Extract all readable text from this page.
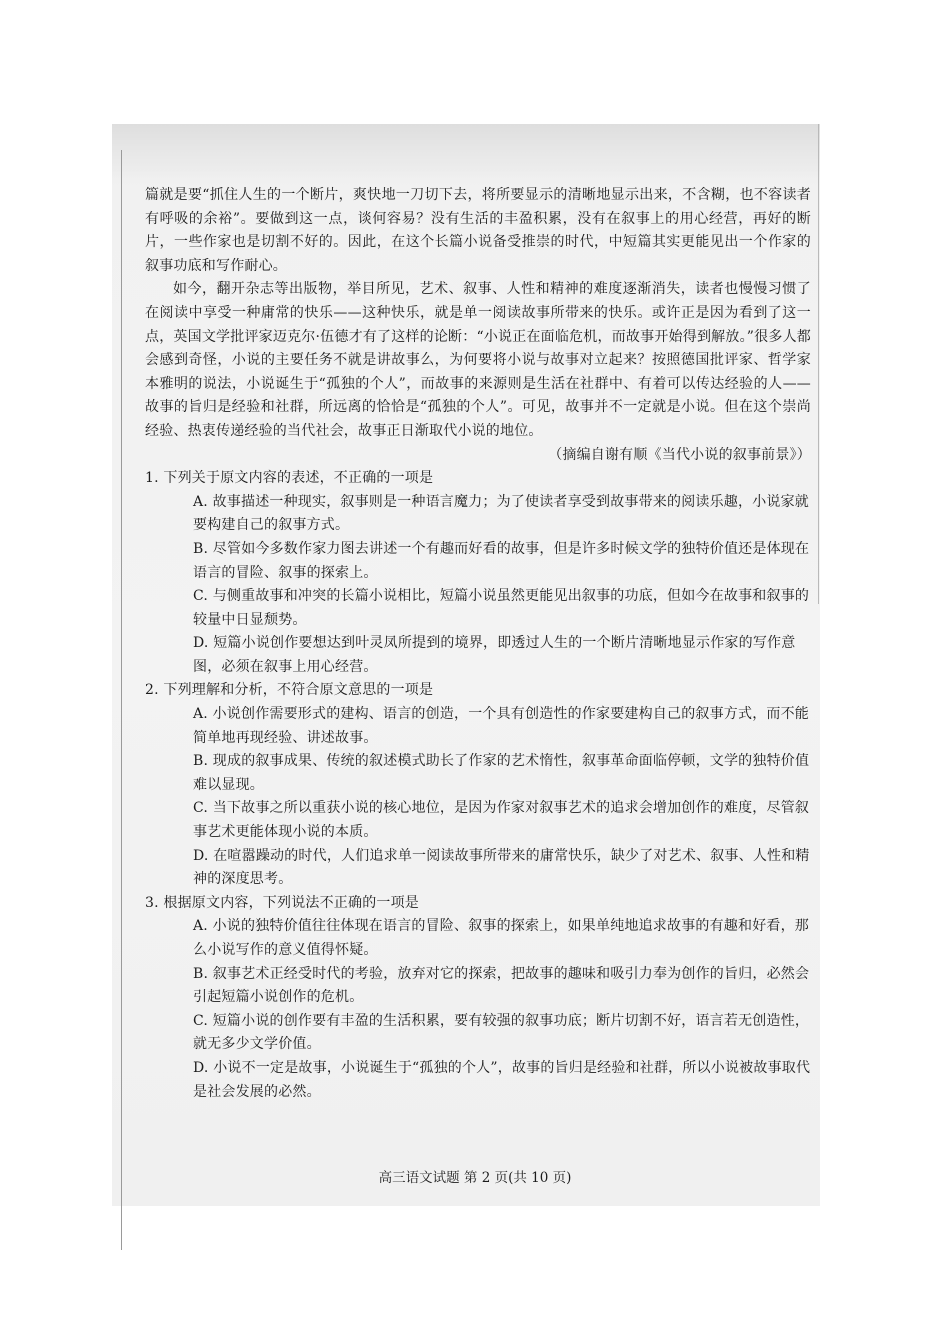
篇就是要“抓住人生的一个断片，爽快地一刀切下去，将所要显示的清晰地显示出来，不含糊，也不容读者有呼吸的余裕”。要做到这一点，谈何容易？没有生活的丰盈积累，没有在叙事上的用心经营，再好的断片，一些作家也是切割不好的。因此，在这个长篇小说备受推崇的时代，中短篇其实更能见出一个作家的叙事功底和写作耐心。

如今，翻开杂志等出版物，举目所见，艺术、叙事、人性和精神的难度逐渐消失，读者也慢慢习惯了在阅读中享受一种庸常的快乐——这种快乐，就是单一阅读故事所带来的快乐。或许正是因为看到了这一点，英国文学批评家迈克尔·伍德才有了这样的论断：“小说正在面临危机，而故事开始得到解放。”很多人都会感到奇怪，小说的主要任务不就是讲故事么，为何要将小说与故事对立起来？按照德国批评家、哲学家本雅明的说法，小说诞生于“孤独的个人”，而故事的来源则是生活在社群中、有着可以传达经验的人——故事的旨归是经验和社群，所远离的恰恰是“孤独的个人”。可见，故事并不一定就是小说。但在这个崇尚经验、热衷传递经验的当代社会，故事正日渐取代小说的地位。

（摘编自谢有顺《当代小说的叙事前景》）

1. 下列关于原文内容的表述，不正确的一项是

A. 故事描述一种现实，叙事则是一种语言魔力；为了使读者享受到故事带来的阅读乐趣，小说家就要构建自己的叙事方式。

B. 尽管如今多数作家力图去讲述一个有趣而好看的故事，但是许多时候文学的独特价值还是体现在语言的冒险、叙事的探索上。

C. 与侧重故事和冲突的长篇小说相比，短篇小说虽然更能见出叙事的功底，但如今在故事和叙事的较量中日显颓势。

D. 短篇小说创作要想达到叶灵凤所提到的境界，即透过人生的一个断片清晰地显示作家的写作意图，必须在叙事上用心经营。

2. 下列理解和分析，不符合原文意思的一项是

A. 小说创作需要形式的建构、语言的创造，一个具有创造性的作家要建构自己的叙事方式，而不能简单地再现经验、讲述故事。

B. 现成的叙事成果、传统的叙述模式助长了作家的艺术惰性，叙事革命面临停顿，文学的独特价值难以显现。

C. 当下故事之所以重获小说的核心地位，是因为作家对叙事艺术的追求会增加创作的难度，尽管叙事艺术更能体现小说的本质。

D. 在喧嚣躁动的时代，人们追求单一阅读故事所带来的庸常快乐，缺少了对艺术、叙事、人性和精神的深度思考。

3. 根据原文内容，下列说法不正确的一项是

A. 小说的独特价值往往体现在语言的冒险、叙事的探索上，如果单纯地追求故事的有趣和好看，那么小说写作的意义值得怀疑。

B. 叙事艺术正经受时代的考验，放弃对它的探索，把故事的趣味和吸引力奉为创作的旨归，必然会引起短篇小说创作的危机。

C. 短篇小说的创作要有丰盈的生活积累，要有较强的叙事功底；断片切割不好，语言若无创造性，就无多少文学价值。

D. 小说不一定是故事，小说诞生于“孤独的个人”，故事的旨归是经验和社群，所以小说被故事取代是社会发展的必然。

高三语文试题 第 2 页(共 10 页)
